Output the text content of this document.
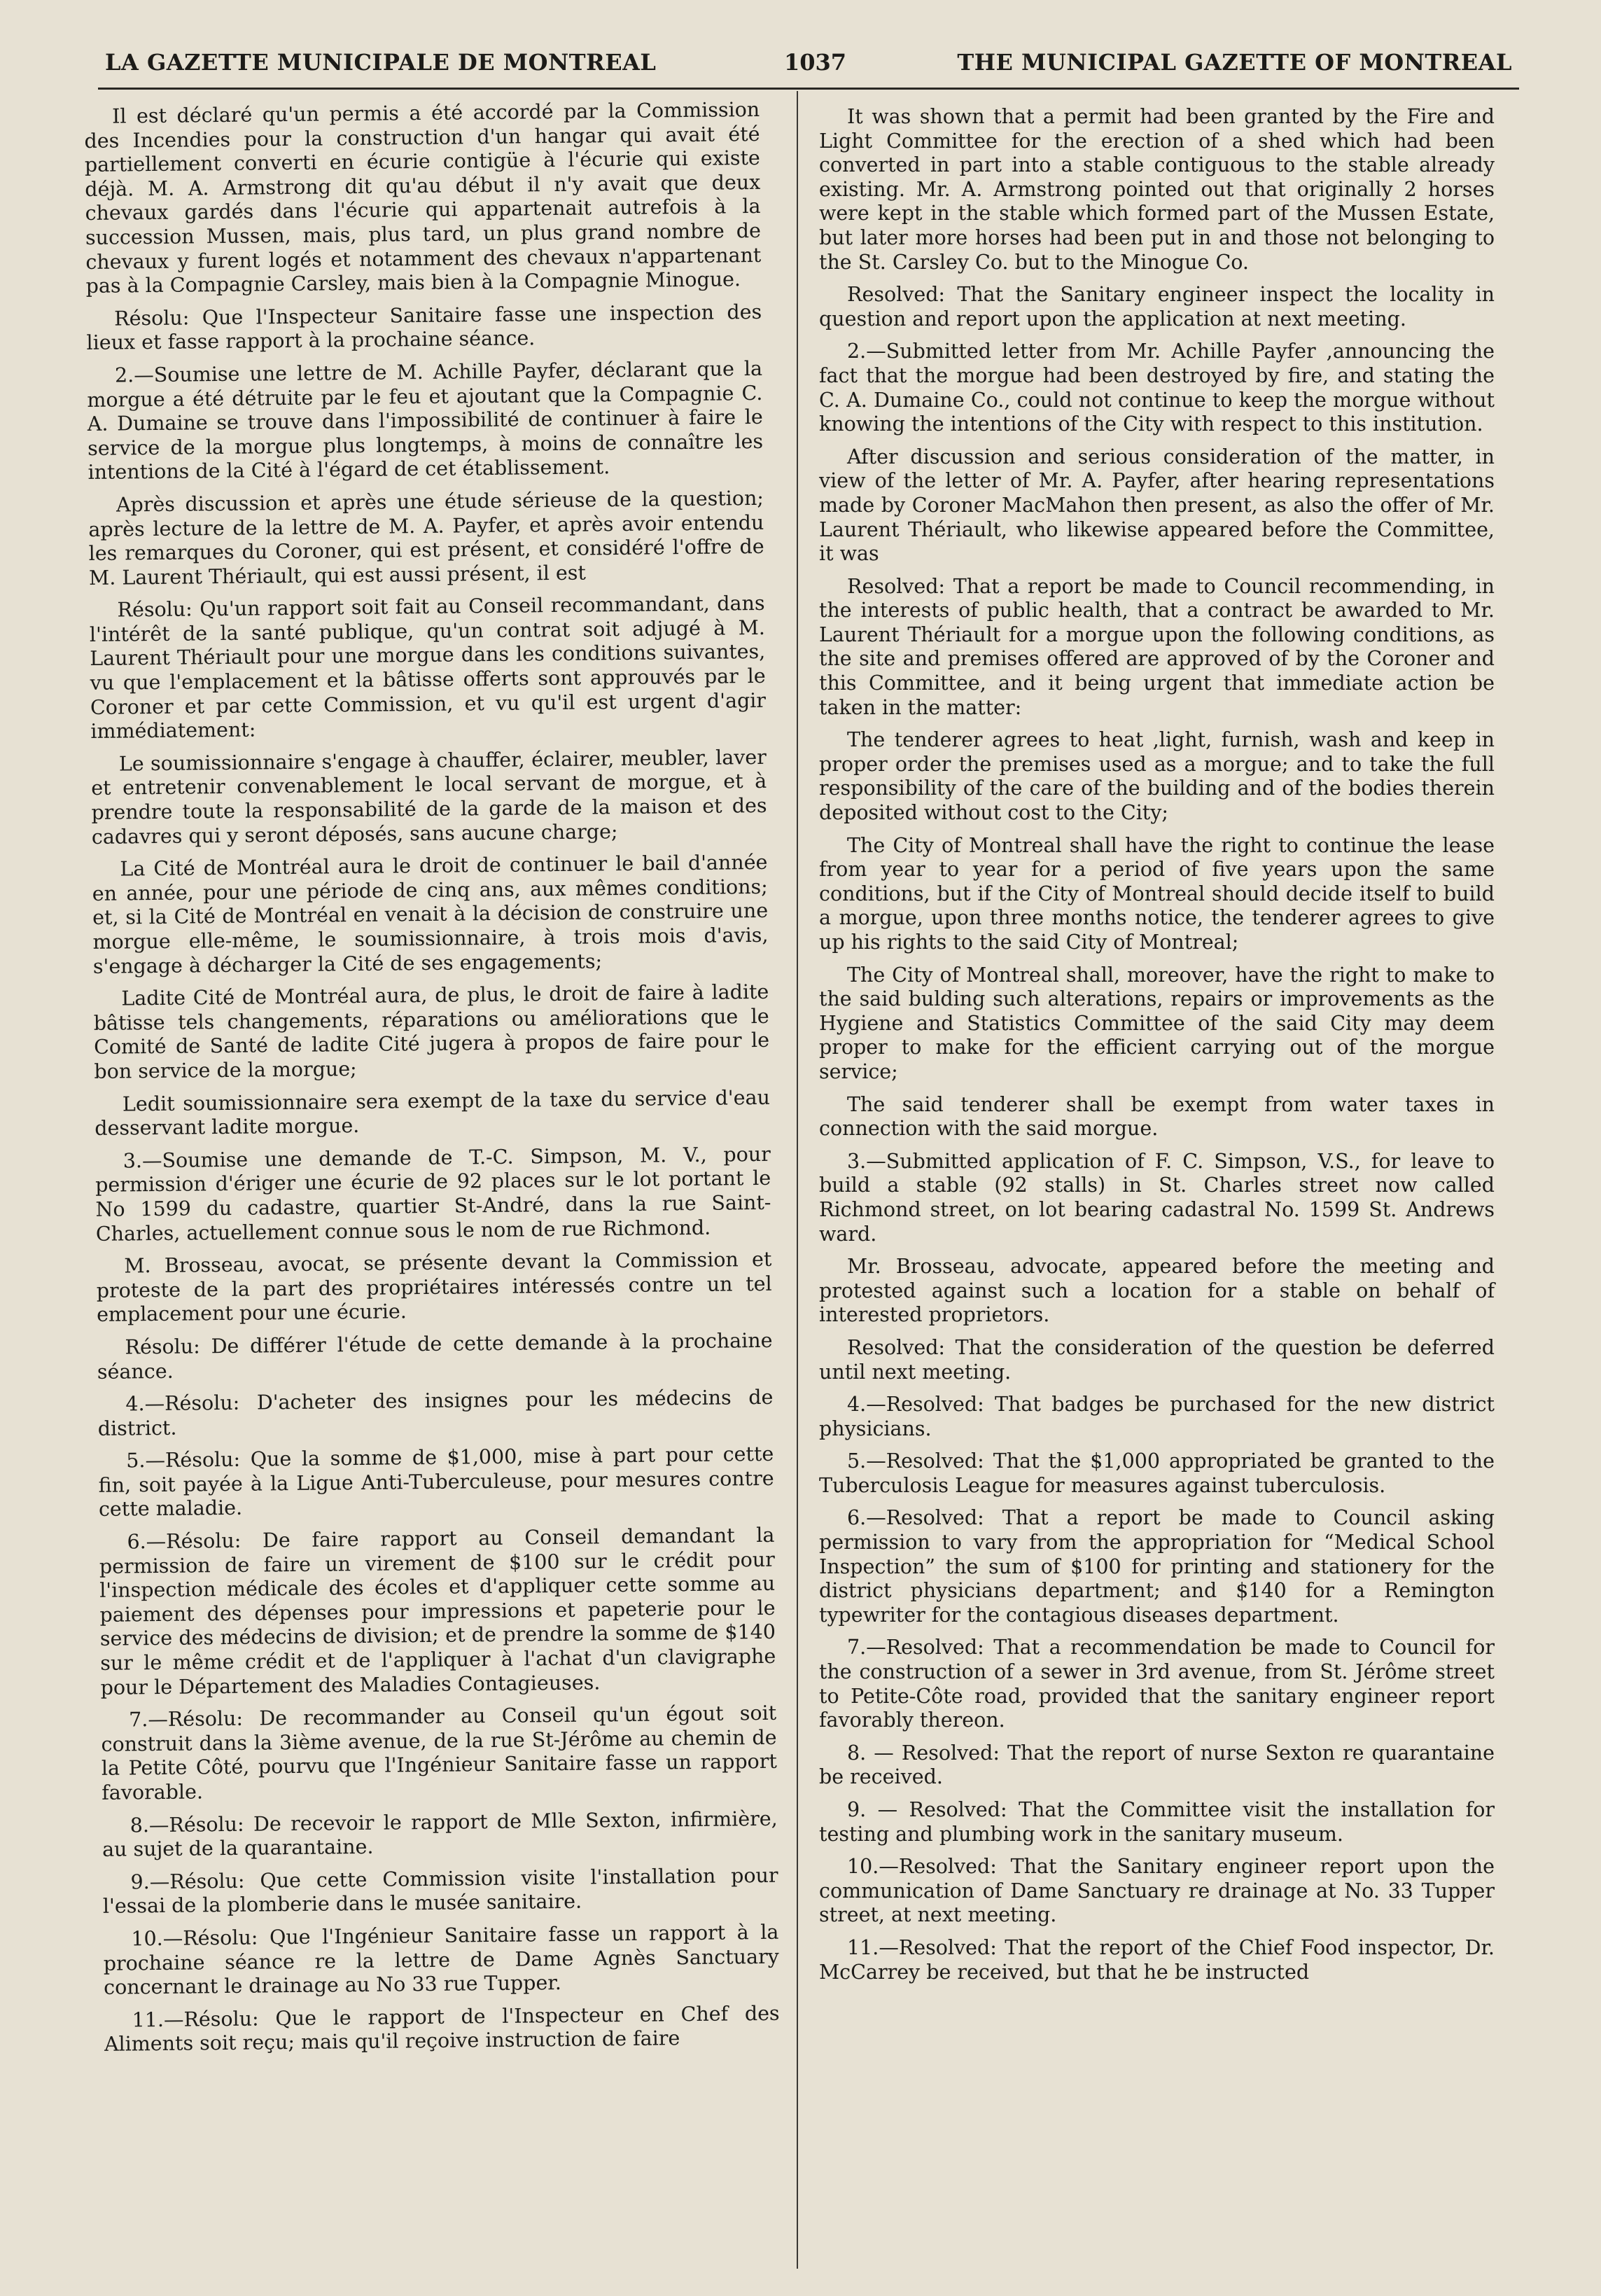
LA GAZETTE MUNICIPALE DE MONTREAL	1037	THE MUNICIPAL GAZETTE OF MONTREAL

Il est déclaré qu'un permis a été accordé par la Commission des Incendies pour la construction d'un hangar qui avait été partiellement converti en écurie contigüe à l'écurie qui existe déjà. M. A. Armstrong dit qu'au début il n'y avait que deux chevaux gardés dans l'écurie qui appartenait autrefois à la succession Mussen, mais, plus tard, un plus grand nombre de chevaux y furent logés et notamment des chevaux n'appartenant pas à la Compagnie Carsley, mais bien à la Compagnie Minogue.

Résolu: Que l'Inspecteur Sanitaire fasse une inspection des lieux et fasse rapport à la prochaine séance.

2.—Soumise une lettre de M. Achille Payfer, déclarant que la morgue a été détruite par le feu et ajoutant que la Compagnie C. A. Dumaine se trouve dans l'impossibilité de continuer à faire le service de la morgue plus longtemps, à moins de connaître les intentions de la Cité à l'égard de cet établissement.

Après discussion et après une étude sérieuse de la question; après lecture de la lettre de M. A. Payfer, et après avoir entendu les remarques du Coroner, qui est présent, et considéré l'offre de M. Laurent Thériault, qui est aussi présent, il est

Résolu: Qu'un rapport soit fait au Conseil recommandant, dans l'intérêt de la santé publique, qu'un contrat soit adjugé à M. Laurent Thériault pour une morgue dans les conditions suivantes, vu que l'emplacement et la bâtisse offerts sont approuvés par le Coroner et par cette Commission, et vu qu'il est urgent d'agir immédiatement:

Le soumissionnaire s'engage à chauffer, éclairer, meubler, laver et entretenir convenablement le local servant de morgue, et à prendre toute la responsabilité de la garde de la maison et des cadavres qui y seront déposés, sans aucune charge;

La Cité de Montréal aura le droit de continuer le bail d'année en année, pour une période de cinq ans, aux mêmes conditions; et, si la Cité de Montréal en venait à la décision de construire une morgue elle-même, le soumissionnaire, à trois mois d'avis, s'engage à décharger la Cité de ses engagements;

Ladite Cité de Montréal aura, de plus, le droit de faire à ladite bâtisse tels changements, réparations ou améliorations que le Comité de Santé de ladite Cité jugera à propos de faire pour le bon service de la morgue;

Ledit soumissionnaire sera exempt de la taxe du service d'eau desservant ladite morgue.

3.—Soumise une demande de T.-C. Simpson, M. V., pour permission d'ériger une écurie de 92 places sur le lot portant le No 1599 du cadastre, quartier St-André, dans la rue Saint-Charles, actuellement connue sous le nom de rue Richmond.

M. Brosseau, avocat, se présente devant la Commission et proteste de la part des propriétaires intéressés contre un tel emplacement pour une écurie.

Résolu: De différer l'étude de cette demande à la prochaine séance.

4.—Résolu: D'acheter des insignes pour les médecins de district.

5.—Résolu: Que la somme de $1,000, mise à part pour cette fin, soit payée à la Ligue Anti-Tuberculeuse, pour mesures contre cette maladie.

6.—Résolu: De faire rapport au Conseil demandant la permission de faire un virement de $100 sur le crédit pour l'inspection médicale des écoles et d'appliquer cette somme au paiement des dépenses pour impressions et papeterie pour le service des médecins de division; et de prendre la somme de $140 sur le même crédit et de l'appliquer à l'achat d'un clavigraphe pour le Département des Maladies Contagieuses.

7.—Résolu: De recommander au Conseil qu'un égout soit construit dans la 3ième avenue, de la rue St-Jérôme au chemin de la Petite Côté, pourvu que l'Ingénieur Sanitaire fasse un rapport favorable.

8.—Résolu: De recevoir le rapport de Mlle Sexton, infirmière, au sujet de la quarantaine.

9.—Résolu: Que cette Commission visite l'installation pour l'essai de la plomberie dans le musée sanitaire.

10.—Résolu: Que l'Ingénieur Sanitaire fasse un rapport à la prochaine séance re la lettre de Dame Agnès Sanctuary concernant le drainage au No 33 rue Tupper.

11.—Résolu: Que le rapport de l'Inspecteur en Chef des Aliments soit reçu; mais qu'il reçoive instruction de faire

It was shown that a permit had been granted by the Fire and Light Committee for the erection of a shed which had been converted in part into a stable contiguous to the stable already existing. Mr. A. Armstrong pointed out that originally 2 horses were kept in the stable which formed part of the Mussen Estate, but later more horses had been put in and those not belonging to the St. Carsley Co. but to the Minogue Co.

Resolved: That the Sanitary engineer inspect the locality in question and report upon the application at next meeting.

2.—Submitted letter from Mr. Achille Payfer ,announcing the fact that the morgue had been destroyed by fire, and stating the C. A. Dumaine Co., could not continue to keep the morgue without knowing the intentions of the City with respect to this institution.

After discussion and serious consideration of the matter, in view of the letter of Mr. A. Payfer, after hearing representations made by Coroner MacMahon then present, as also the offer of Mr. Laurent Thériault, who likewise appeared before the Committee, it was

Resolved: That a report be made to Council recommending, in the interests of public health, that a contract be awarded to Mr. Laurent Thériault for a morgue upon the following conditions, as the site and premises offered are approved of by the Coroner and this Committee, and it being urgent that immediate action be taken in the matter:

The tenderer agrees to heat ,light, furnish, wash and keep in proper order the premises used as a morgue; and to take the full responsibility of the care of the building and of the bodies therein deposited without cost to the City;

The City of Montreal shall have the right to continue the lease from year to year for a period of five years upon the same conditions, but if the City of Montreal should decide itself to build a morgue, upon three months notice, the tenderer agrees to give up his rights to the said City of Montreal;

The City of Montreal shall, moreover, have the right to make to the said bulding such alterations, repairs or improvements as the Hygiene and Statistics Committee of the said City may deem proper to make for the efficient carrying out of the morgue service;

The said tenderer shall be exempt from water taxes in connection with the said morgue.

3.—Submitted application of F. C. Simpson, V.S., for leave to build a stable (92 stalls) in St. Charles street now called Richmond street, on lot bearing cadastral No. 1599 St. Andrews ward.

Mr. Brosseau, advocate, appeared before the meeting and protested against such a location for a stable on behalf of interested proprietors.

Resolved: That the consideration of the question be deferred until next meeting.

4.—Resolved: That badges be purchased for the new district physicians.

5.—Resolved: That the $1,000 appropriated be granted to the Tuberculosis League for measures against tuberculosis.

6.—Resolved: That a report be made to Council asking permission to vary from the appropriation for “Medical School Inspection” the sum of $100 for printing and stationery for the district physicians department; and $140 for a Remington typewriter for the contagious diseases department.

7.—Resolved: That a recommendation be made to Council for the construction of a sewer in 3rd avenue, from St. Jérôme street to Petite-Côte road, provided that the sanitary engineer report favorably thereon.

8. — Resolved: That the report of nurse Sexton re quarantaine be received.

9. — Resolved: That the Committee visit the installation for testing and plumbing work in the sanitary museum.

10.—Resolved: That the Sanitary engineer report upon the communication of Dame Sanctuary re drainage at No. 33 Tupper street, at next meeting.

11.—Resolved: That the report of the Chief Food inspector, Dr. McCarrey be received, but that he be instructed
